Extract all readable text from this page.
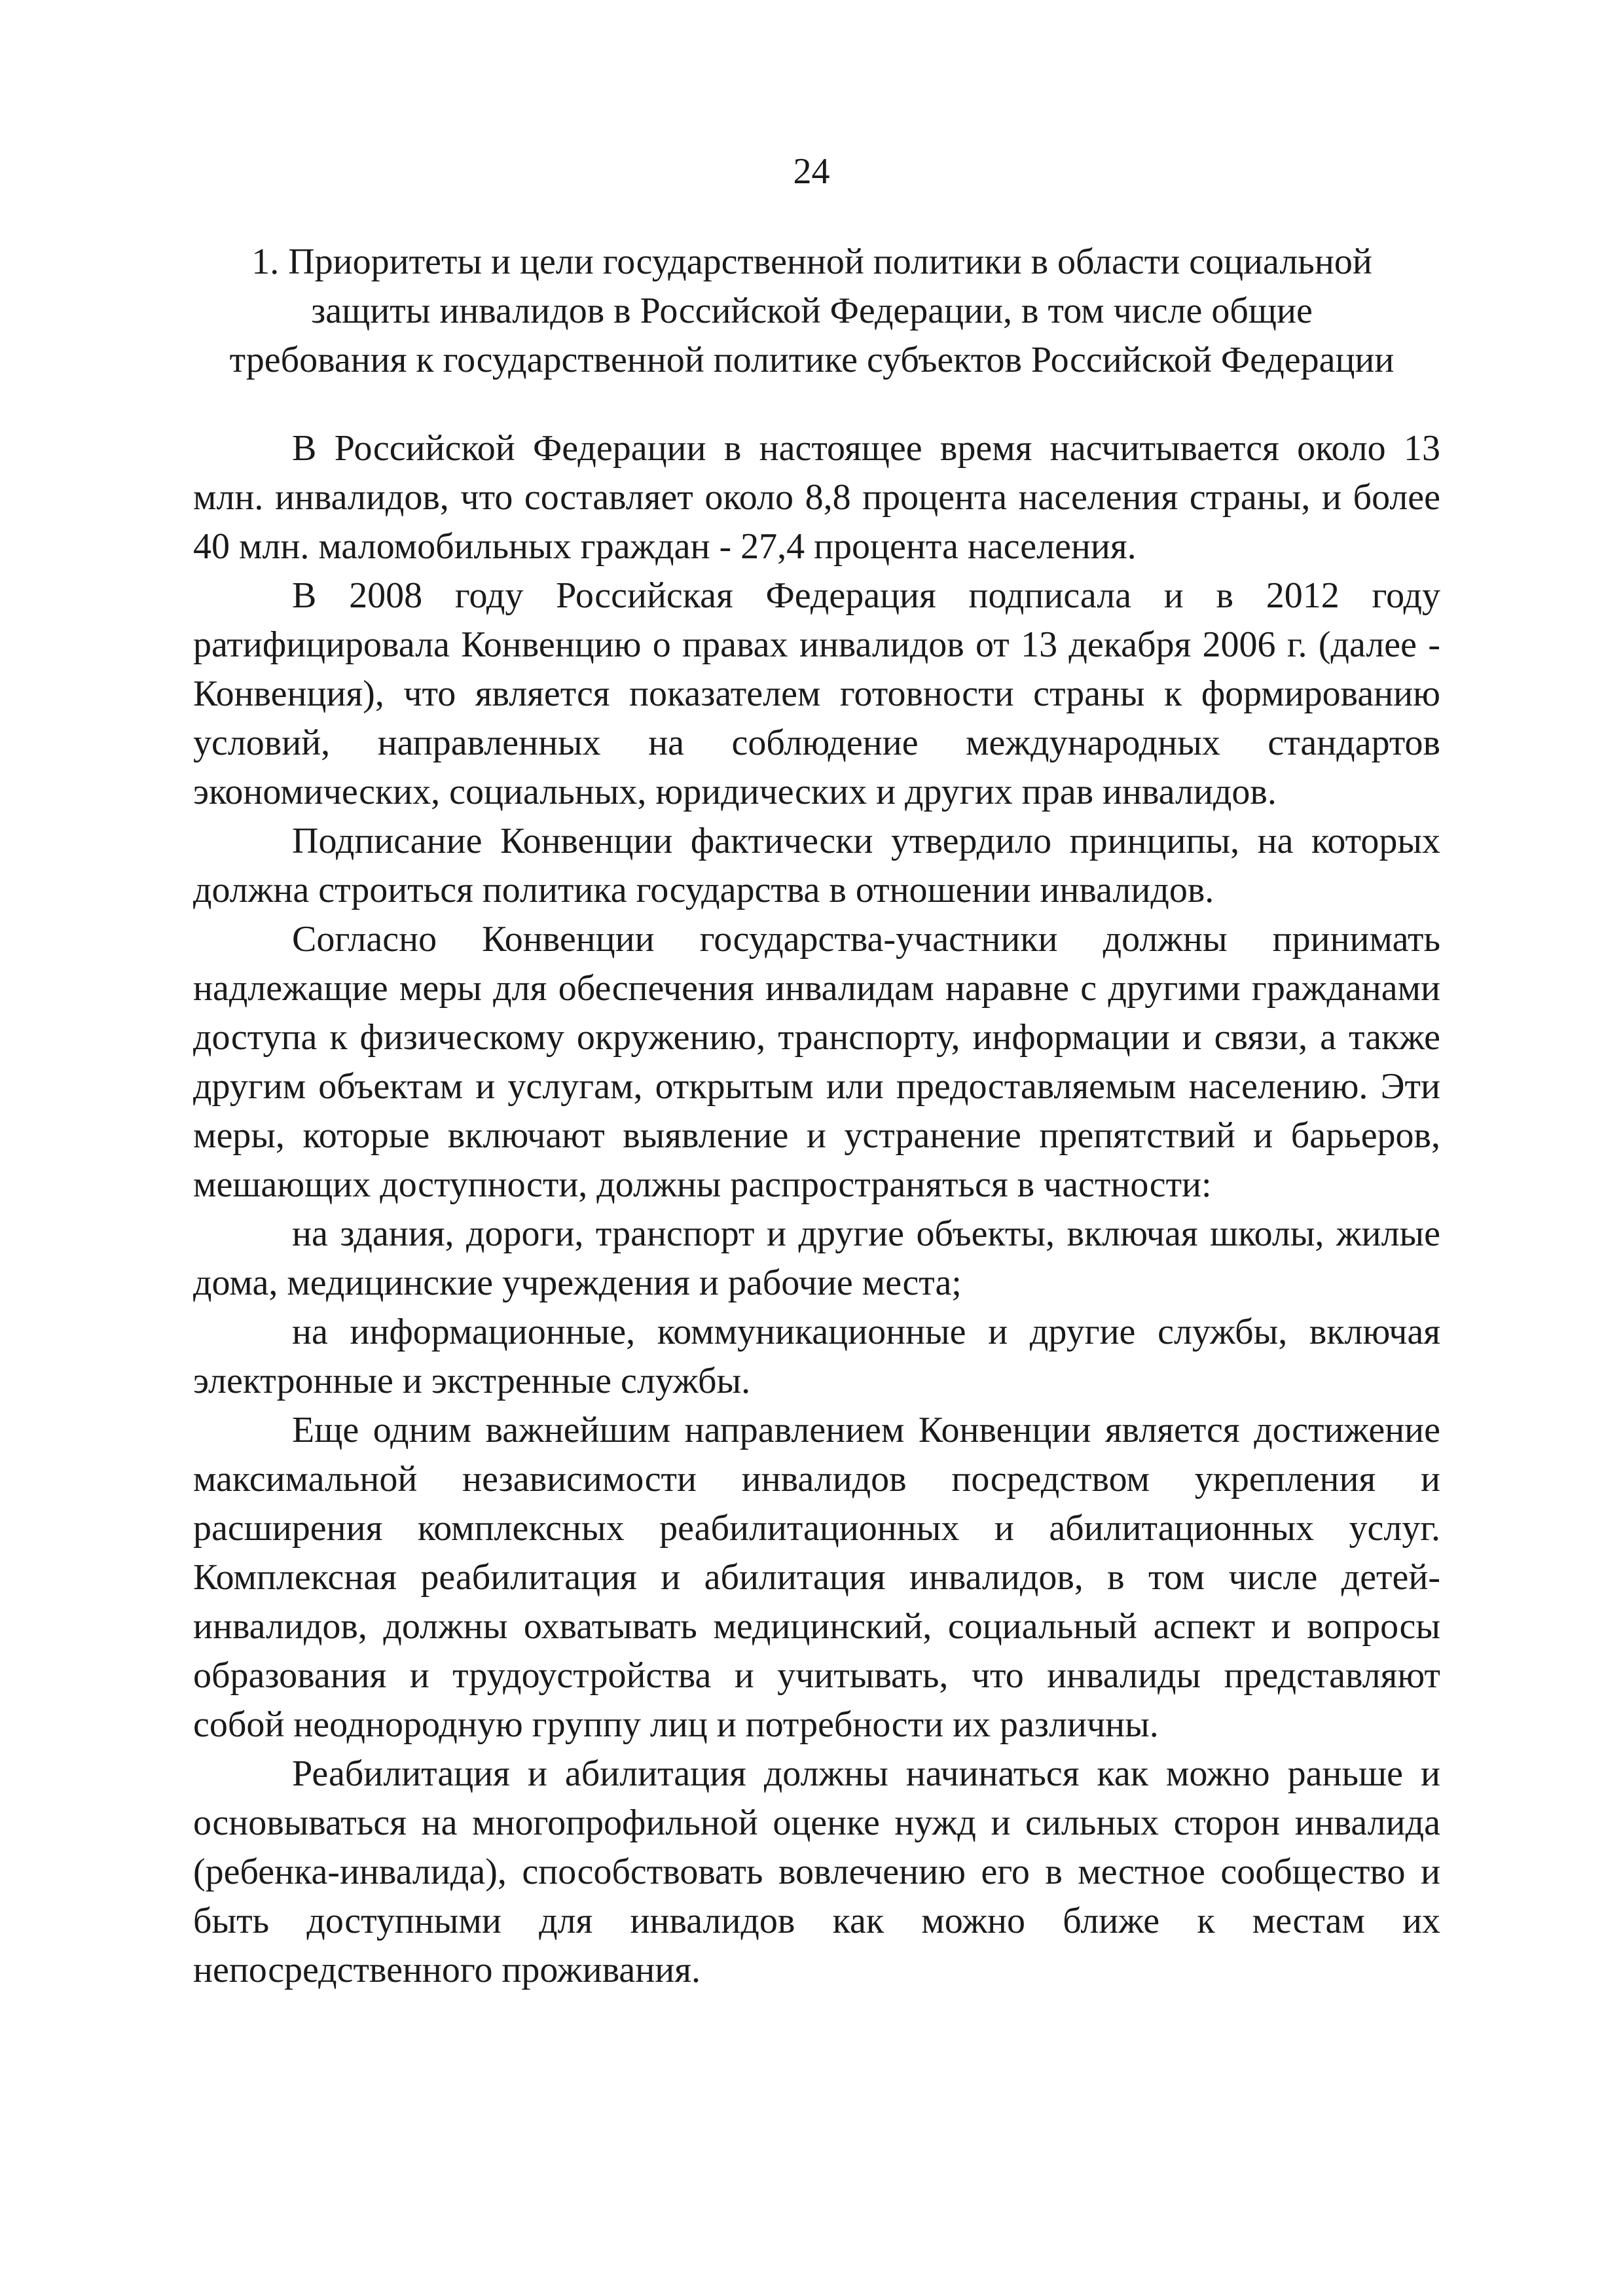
24
1. Приоритеты и цели государственной политики в области социальной
защиты инвалидов в Российской Федерации, в том числе общие
требования к государственной политике субъектов Российской Федерации

В Российской Федерации в настоящее время насчитывается около 13 млн. инвалидов, что составляет около 8,8 процента населения страны, и более 40 млн. маломобильных граждан - 27,4 процента населения.

В 2008 году Российская Федерация подписала и в 2012 году ратифицировала Конвенцию о правах инвалидов от 13 декабря 2006 г. (далее - Конвенция), что является показателем готовности страны к формированию условий, направленных на соблюдение международных стандартов экономических, социальных, юридических и других прав инвалидов.

Подписание Конвенции фактически утвердило принципы, на которых должна строиться политика государства в отношении инвалидов.

Согласно Конвенции государства-участники должны принимать надлежащие меры для обеспечения инвалидам наравне с другими гражданами доступа к физическому окружению, транспорту, информации и связи, а также другим объектам и услугам, открытым или предоставляемым населению. Эти меры, которые включают выявление и устранение препятствий и барьеров, мешающих доступности, должны распространяться в частности:

на здания, дороги, транспорт и другие объекты, включая школы, жилые дома, медицинские учреждения и рабочие места;

на информационные, коммуникационные и другие службы, включая электронные и экстренные службы.

Еще одним важнейшим направлением Конвенции является достижение максимальной независимости инвалидов посредством укрепления и расширения комплексных реабилитационных и абилитационных услуг. Комплексная реабилитация и абилитация инвалидов, в том числе детей-инвалидов, должны охватывать медицинский, социальный аспект и вопросы образования и трудоустройства и учитывать, что инвалиды представляют собой неоднородную группу лиц и потребности их различны.

Реабилитация и абилитация должны начинаться как можно раньше и основываться на многопрофильной оценке нужд и сильных сторон инвалида (ребенка-инвалида), способствовать вовлечению его в местное сообщество и быть доступными для инвалидов как можно ближе к местам их непосредственного проживания.
